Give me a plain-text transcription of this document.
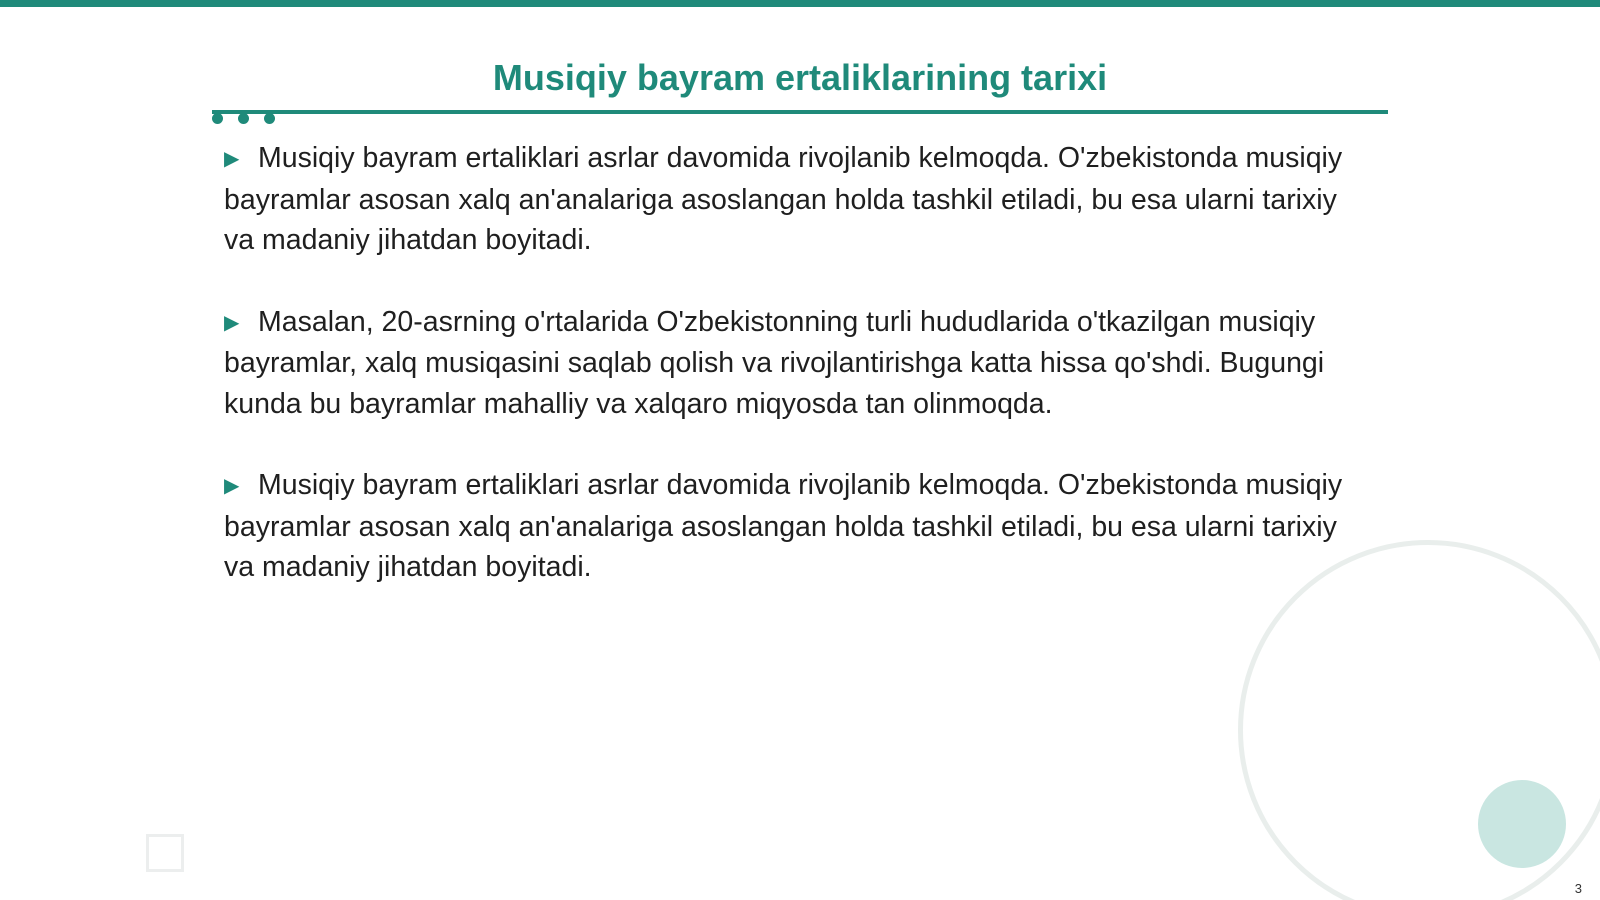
Musiqiy bayram ertaliklarining tarixi

▶ Musiqiy bayram ertaliklari asrlar davomida rivojlanib kelmoqda. O'zbekistonda musiqiy bayramlar asosan xalq an'analariga asoslangan holda tashkil etiladi, bu esa ularni tarixiy va madaniy jihatdan boyitadi.

▶ Masalan, 20-asrning o'rtalarida O'zbekistonning turli hududlarida o'tkazilgan musiqiy bayramlar, xalq musiqasini saqlab qolish va rivojlantirishga katta hissa qo'shdi. Bugungi kunda bu bayramlar mahalliy va xalqaro miqyosda tan olinmoqda.

▶ Musiqiy bayram ertaliklari asrlar davomida rivojlanib kelmoqda. O'zbekistonda musiqiy bayramlar asosan xalq an'analariga asoslangan holda tashkil etiladi, bu esa ularni tarixiy va madaniy jihatdan boyitadi.

3
